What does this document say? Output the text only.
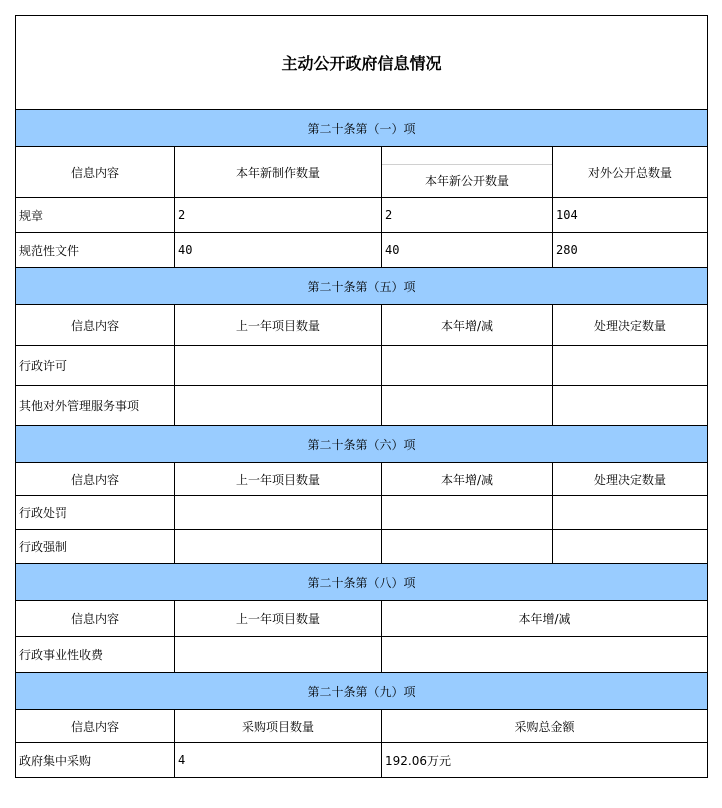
主动公开政府信息情况			
第二十条第（一）项			
信息内容	本年新制作数量	本年新公开数量	对外公开总数量
规章	2	2	104
规范性文件	40	40	280
第二十条第（五）项			
信息内容	上一年项目数量	本年增/减	处理决定数量
行政许可			
其他对外管理服务事项			
第二十条第（六）项			
信息内容	上一年项目数量	本年增/减	处理决定数量
行政处罚			
行政强制			
第二十条第（八）项			
信息内容	上一年项目数量	本年增/减	
行政事业性收费			
第二十条第（九）项			
信息内容	采购项目数量	采购总金额	
政府集中采购	4	192.06万元	
